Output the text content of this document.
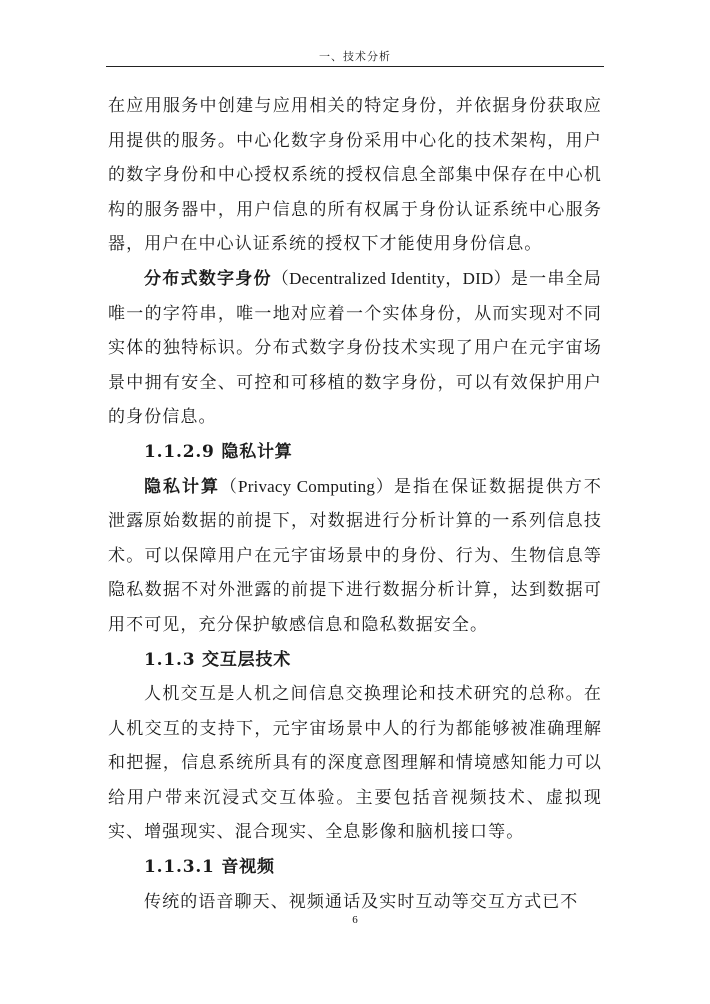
一、技术分析

在应用服务中创建与应用相关的特定身份，并依据身份获取应用提供的服务。中心化数字身份采用中心化的技术架构，用户的数字身份和中心授权系统的授权信息全部集中保存在中心机构的服务器中，用户信息的所有权属于身份认证系统中心服务器，用户在中心认证系统的授权下才能使用身份信息。

分布式数字身份（Decentralized Identity，DID）是一串全局唯一的字符串，唯一地对应着一个实体身份，从而实现对不同实体的独特标识。分布式数字身份技术实现了用户在元宇宙场景中拥有安全、可控和可移植的数字身份，可以有效保护用户的身份信息。

1.1.2.9 隐私计算

隐私计算（Privacy Computing）是指在保证数据提供方不泄露原始数据的前提下，对数据进行分析计算的一系列信息技术。可以保障用户在元宇宙场景中的身份、行为、生物信息等隐私数据不对外泄露的前提下进行数据分析计算，达到数据可用不可见，充分保护敏感信息和隐私数据安全。

1.1.3 交互层技术

人机交互是人机之间信息交换理论和技术研究的总称。在人机交互的支持下，元宇宙场景中人的行为都能够被准确理解和把握，信息系统所具有的深度意图理解和情境感知能力可以给用户带来沉浸式交互体验。主要包括音视频技术、虚拟现实、增强现实、混合现实、全息影像和脑机接口等。

1.1.3.1 音视频

传统的语音聊天、视频通话及实时互动等交互方式已不

6
